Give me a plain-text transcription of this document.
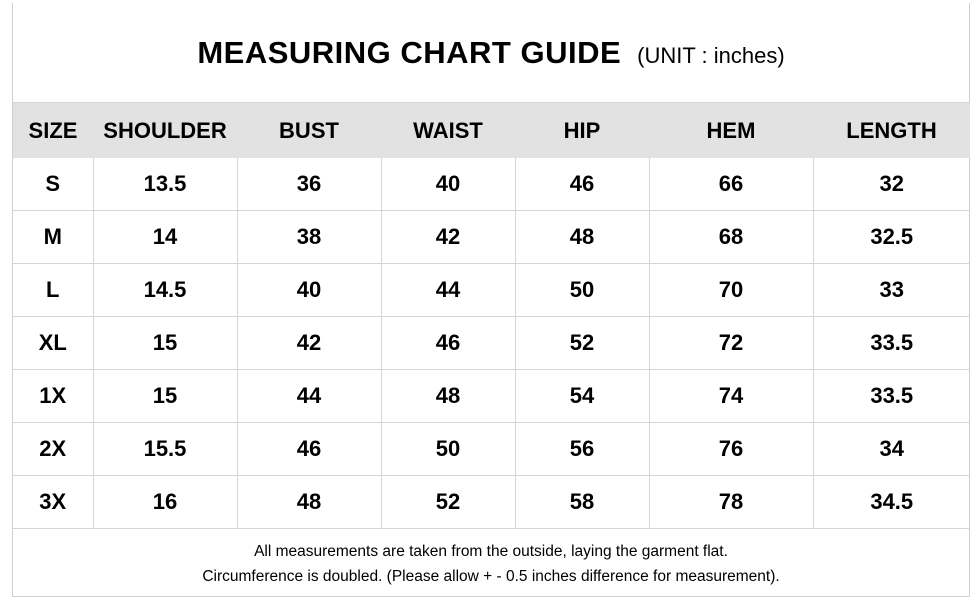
MEASURING CHART GUIDE (UNIT : inches)
SIZE	SHOULDER	BUST	WAIST	HIP	HEM	LENGTH
S	13.5	36	40	46	66	32
M	14	38	42	48	68	32.5
L	14.5	40	44	50	70	33
XL	15	42	46	52	72	33.5
1X	15	44	48	54	74	33.5
2X	15.5	46	50	56	76	34
3X	16	48	52	58	78	34.5
All measurements are taken from the outside, laying the garment flat.
Circumference is doubled. (Please allow + - 0.5 inches difference for measurement).
